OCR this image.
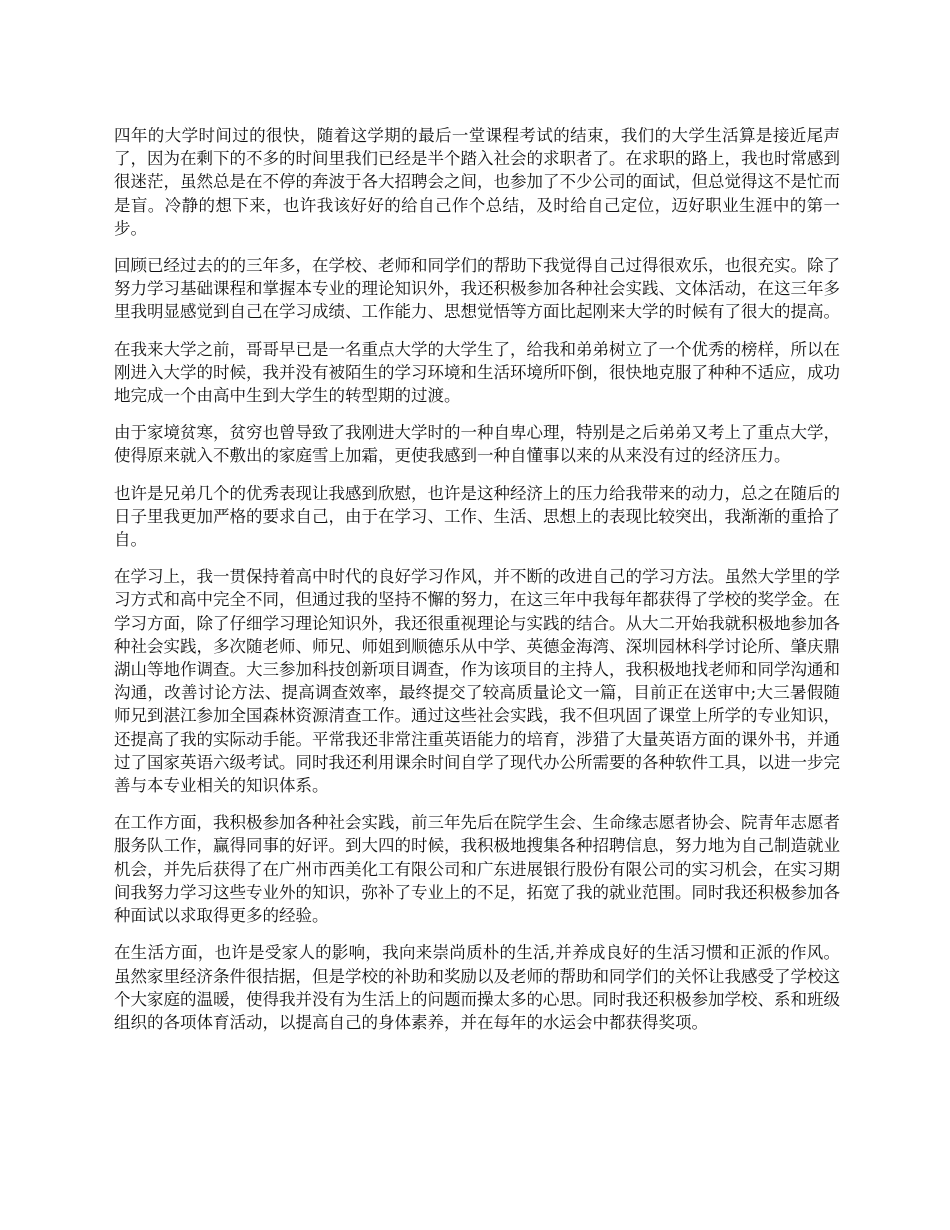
四年的大学时间过的很快，随着这学期的最后一堂课程考试的结束，我们的大学生活算是接近尾声了，因为在剩下的不多的时间里我们已经是半个踏入社会的求职者了。在求职的路上，我也时常感到很迷茫，虽然总是在不停的奔波于各大招聘会之间，也参加了不少公司的面试，但总觉得这不是忙而是盲。冷静的想下来，也许我该好好的给自己作个总结，及时给自己定位，迈好职业生涯中的第一步。

回顾已经过去的的三年多，在学校、老师和同学们的帮助下我觉得自己过得很欢乐，也很充实。除了努力学习基础课程和掌握本专业的理论知识外，我还积极参加各种社会实践、文体活动，在这三年多里我明显感觉到自己在学习成绩、工作能力、思想觉悟等方面比起刚来大学的时候有了很大的提高。

在我来大学之前，哥哥早已是一名重点大学的大学生了，给我和弟弟树立了一个优秀的榜样，所以在刚进入大学的时候，我并没有被陌生的学习环境和生活环境所吓倒，很快地克服了种种不适应，成功地完成一个由高中生到大学生的转型期的过渡。

由于家境贫寒，贫穷也曾导致了我刚进大学时的一种自卑心理，特别是之后弟弟又考上了重点大学，使得原来就入不敷出的家庭雪上加霜，更使我感到一种自懂事以来的从来没有过的经济压力。

也许是兄弟几个的优秀表现让我感到欣慰，也许是这种经济上的压力给我带来的动力，总之在随后的日子里我更加严格的要求自己，由于在学习、工作、生活、思想上的表现比较突出，我渐渐的重拾了自。

在学习上，我一贯保持着高中时代的良好学习作风，并不断的改进自己的学习方法。虽然大学里的学习方式和高中完全不同，但通过我的坚持不懈的努力，在这三年中我每年都获得了学校的奖学金。在学习方面，除了仔细学习理论知识外，我还很重视理论与实践的结合。从大二开始我就积极地参加各种社会实践，多次随老师、师兄、师姐到顺德乐从中学、英德金海湾、深圳园林科学讨论所、肇庆鼎湖山等地作调查。大三参加科技创新项目调查，作为该项目的主持人，我积极地找老师和同学沟通和沟通，改善讨论方法、提高调查效率，最终提交了较高质量论文一篇，目前正在送审中;大三暑假随师兄到湛江参加全国森林资源清查工作。通过这些社会实践，我不但巩固了课堂上所学的专业知识，还提高了我的实际动手能。平常我还非常注重英语能力的培育，涉猎了大量英语方面的课外书，并通过了国家英语六级考试。同时我还利用课余时间自学了现代办公所需要的各种软件工具，以进一步完善与本专业相关的知识体系。

在工作方面，我积极参加各种社会实践，前三年先后在院学生会、生命缘志愿者协会、院青年志愿者服务队工作，赢得同事的好评。到大四的时候，我积极地搜集各种招聘信息，努力地为自己制造就业机会，并先后获得了在广州市西美化工有限公司和广东进展银行股份有限公司的实习机会，在实习期间我努力学习这些专业外的知识，弥补了专业上的不足，拓宽了我的就业范围。同时我还积极参加各种面试以求取得更多的经验。

在生活方面，也许是受家人的影响，我向来崇尚质朴的生活,并养成良好的生活习惯和正派的作风。虽然家里经济条件很拮据，但是学校的补助和奖励以及老师的帮助和同学们的关怀让我感受了学校这个大家庭的温暖，使得我并没有为生活上的问题而操太多的心思。同时我还积极参加学校、系和班级组织的各项体育活动，以提高自己的身体素养，并在每年的水运会中都获得奖项。
